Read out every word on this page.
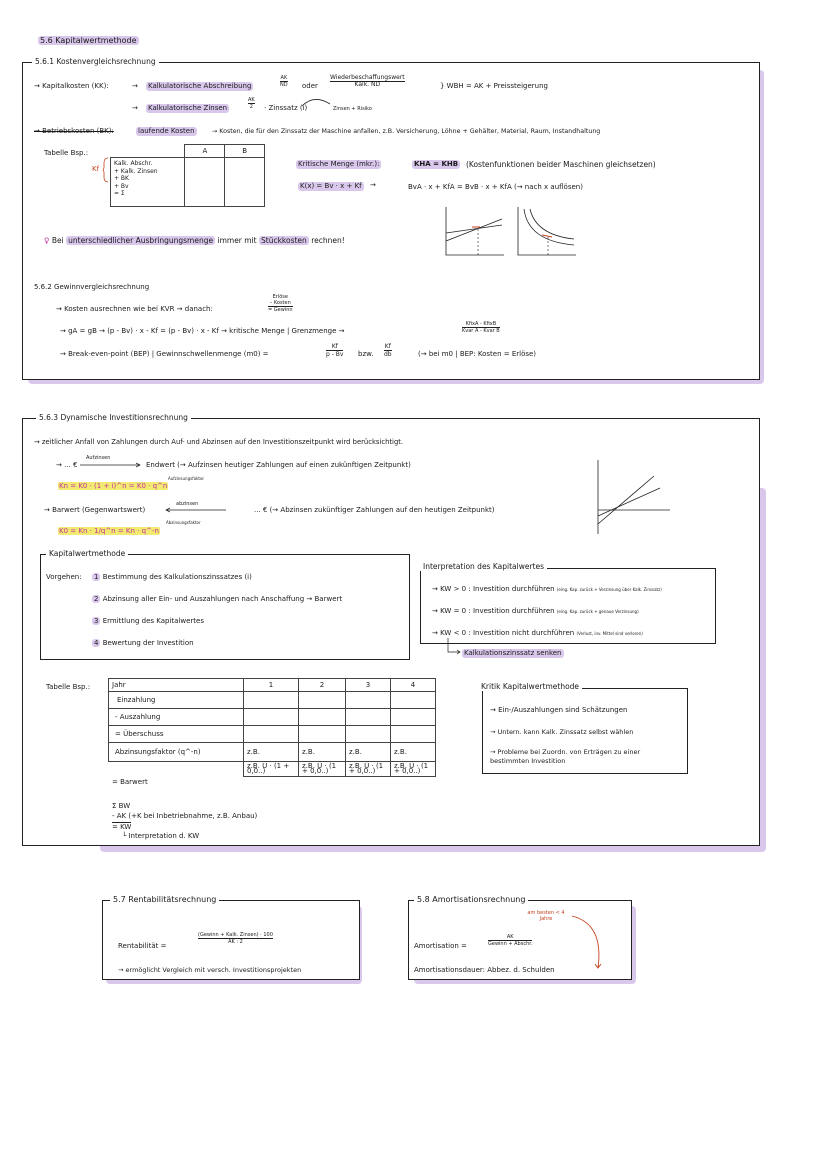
5.6 Kapitalwertmethode
5.6.1 Kostenvergleichsrechnung
→ Kapitalkosten (KK):	→ Kalkulatorische Abschreibung	$\frac{AK}{ND}$ oder $\frac{\text{Wiederbeschaffungswert}}{\text{Kalk. ND}}$	} WBH = AK + Preissteigerung
→ Kalkulatorische Zinsen	$\frac{AK}{2}$ · Zinssatz (i)	Zinsen + Risiko
→ Betriebskosten (BK):	laufende Kosten	→ Kosten, die für den Zinssatz der Maschine anfallen, z.B. Versicherung, Löhne + Gehälter, Material, Raum, Instandhaltung
Tabelle Bsp.:
Kf
	A	B

Kalk. Abschr.
+ Kalk. Zinsen
+ BK
+ Bv
= Σ		

Kritische Menge (mkr.):	KHA = KHB (Kostenfunktionen beider Maschinen gleichsetzen)
K(x) = Bv · x + Kf →	BvA · x + KfA = BvB · x + KfA (→ nach x auflösen)
♀ Bei unterschiedlicher Ausbringungsmenge immer mit Stückkosten rechnen!
5.6.2 Gewinnvergleichsrechnung
→ Kosten ausrechnen wie bei KVR → danach:
Erlöse
– Kosten
= Gewinn
→ gA = gB → (p - Bv) · x - Kf = (p - Bv) · x - Kf → kritische Menge | Grenzmenge →	$\frac{\text{KfixA - KfixB}}{\text{Kvar A - Kvar B}}$
→ Break-even-point (BEP) | Gewinnschwellenmenge (m0) =	$\frac{Kf}{p - Bv}$ bzw. $\frac{Kf}{db}$	(→ bei m0 | BEP: Kosten = Erlöse)
5.6.3 Dynamische Investitionsrechnung
→ zeitlicher Anfall von Zahlungen durch Auf- und Abzinsen auf den Investitionszeitpunkt wird berücksichtigt.
→ ... €
Aufzinsen
Endwert (→ Aufzinsen heutiger Zahlungen auf einen zukünftigen Zeitpunkt)
Kn = K0 · (1 + i)^n = K0 · q^n
Aufzinsungsfaktor
→ Barwert (Gegenwartswert)
abzinsen
... € (→ Abzinsen zukünftiger Zahlungen auf den heutigen Zeitpunkt)
K0 = Kn · 1/q^n = Kn · q^-n
Abzinsungsfaktor
Kapitalwertmethode
Vorgehen: 1 Bestimmung des Kalkulationszinssatzes (i)
2 Abzinsung aller Ein- und Auszahlungen nach Anschaffung → Barwert
3 Ermittlung des Kapitalwertes
4 Bewertung der Investition
Interpretation des Kapitalwertes
→ KW > 0 : Investition durchführen (eing. Kap. zurück + Verzinsung über Kalk. Zinssatz)
→ KW = 0 : Investition durchführen (eing. Kap. zurück + genaue Verzinsung)
→ KW < 0 : Investition nicht durchführen (Verlust, inv. Mittel sind verloren)
Kalkulationszinssatz senken
Tabelle Bsp.:	Jahr	1	2	3	4
Einzahlung				
- Auszahlung				
= Überschuss				
Abzinsungsfaktor (q^-n)	z.B.	z.B.	z.B.	z.B.
	z.B. Ü · (1 + 0,0..)	z.B. Ü · (1 + 0,0..)	z.B. Ü · (1 + 0,0..)	z.B. Ü · (1 + 0,0..)
= Barwert
Σ BW
- AK (+K bei Inbetriebnahme, z.B. Anbau)
= KW
└ Interpretation d. KW
Kritik Kapitalwertmethode
→ Ein-/Auszahlungen sind Schätzungen
→ Untern. kann Kalk. Zinssatz selbst wählen
→ Probleme bei Zuordn. von Erträgen zu einer bestimmten Investition
5.7 Rentabilitätsrechnung
Rentabilität =
$\frac{\text{(Gewinn + Kalk. Zinsen) · 100}}{AK : 2}$
→ ermöglicht Vergleich mit versch. Investitionsprojekten
5.8 Amortisationsrechnung
am besten < 4 Jahre
Amortisation =	$\frac{AK}{\text{Gewinn + Abschr.}}$
Amortisationsdauer: Abbez. d. Schulden
